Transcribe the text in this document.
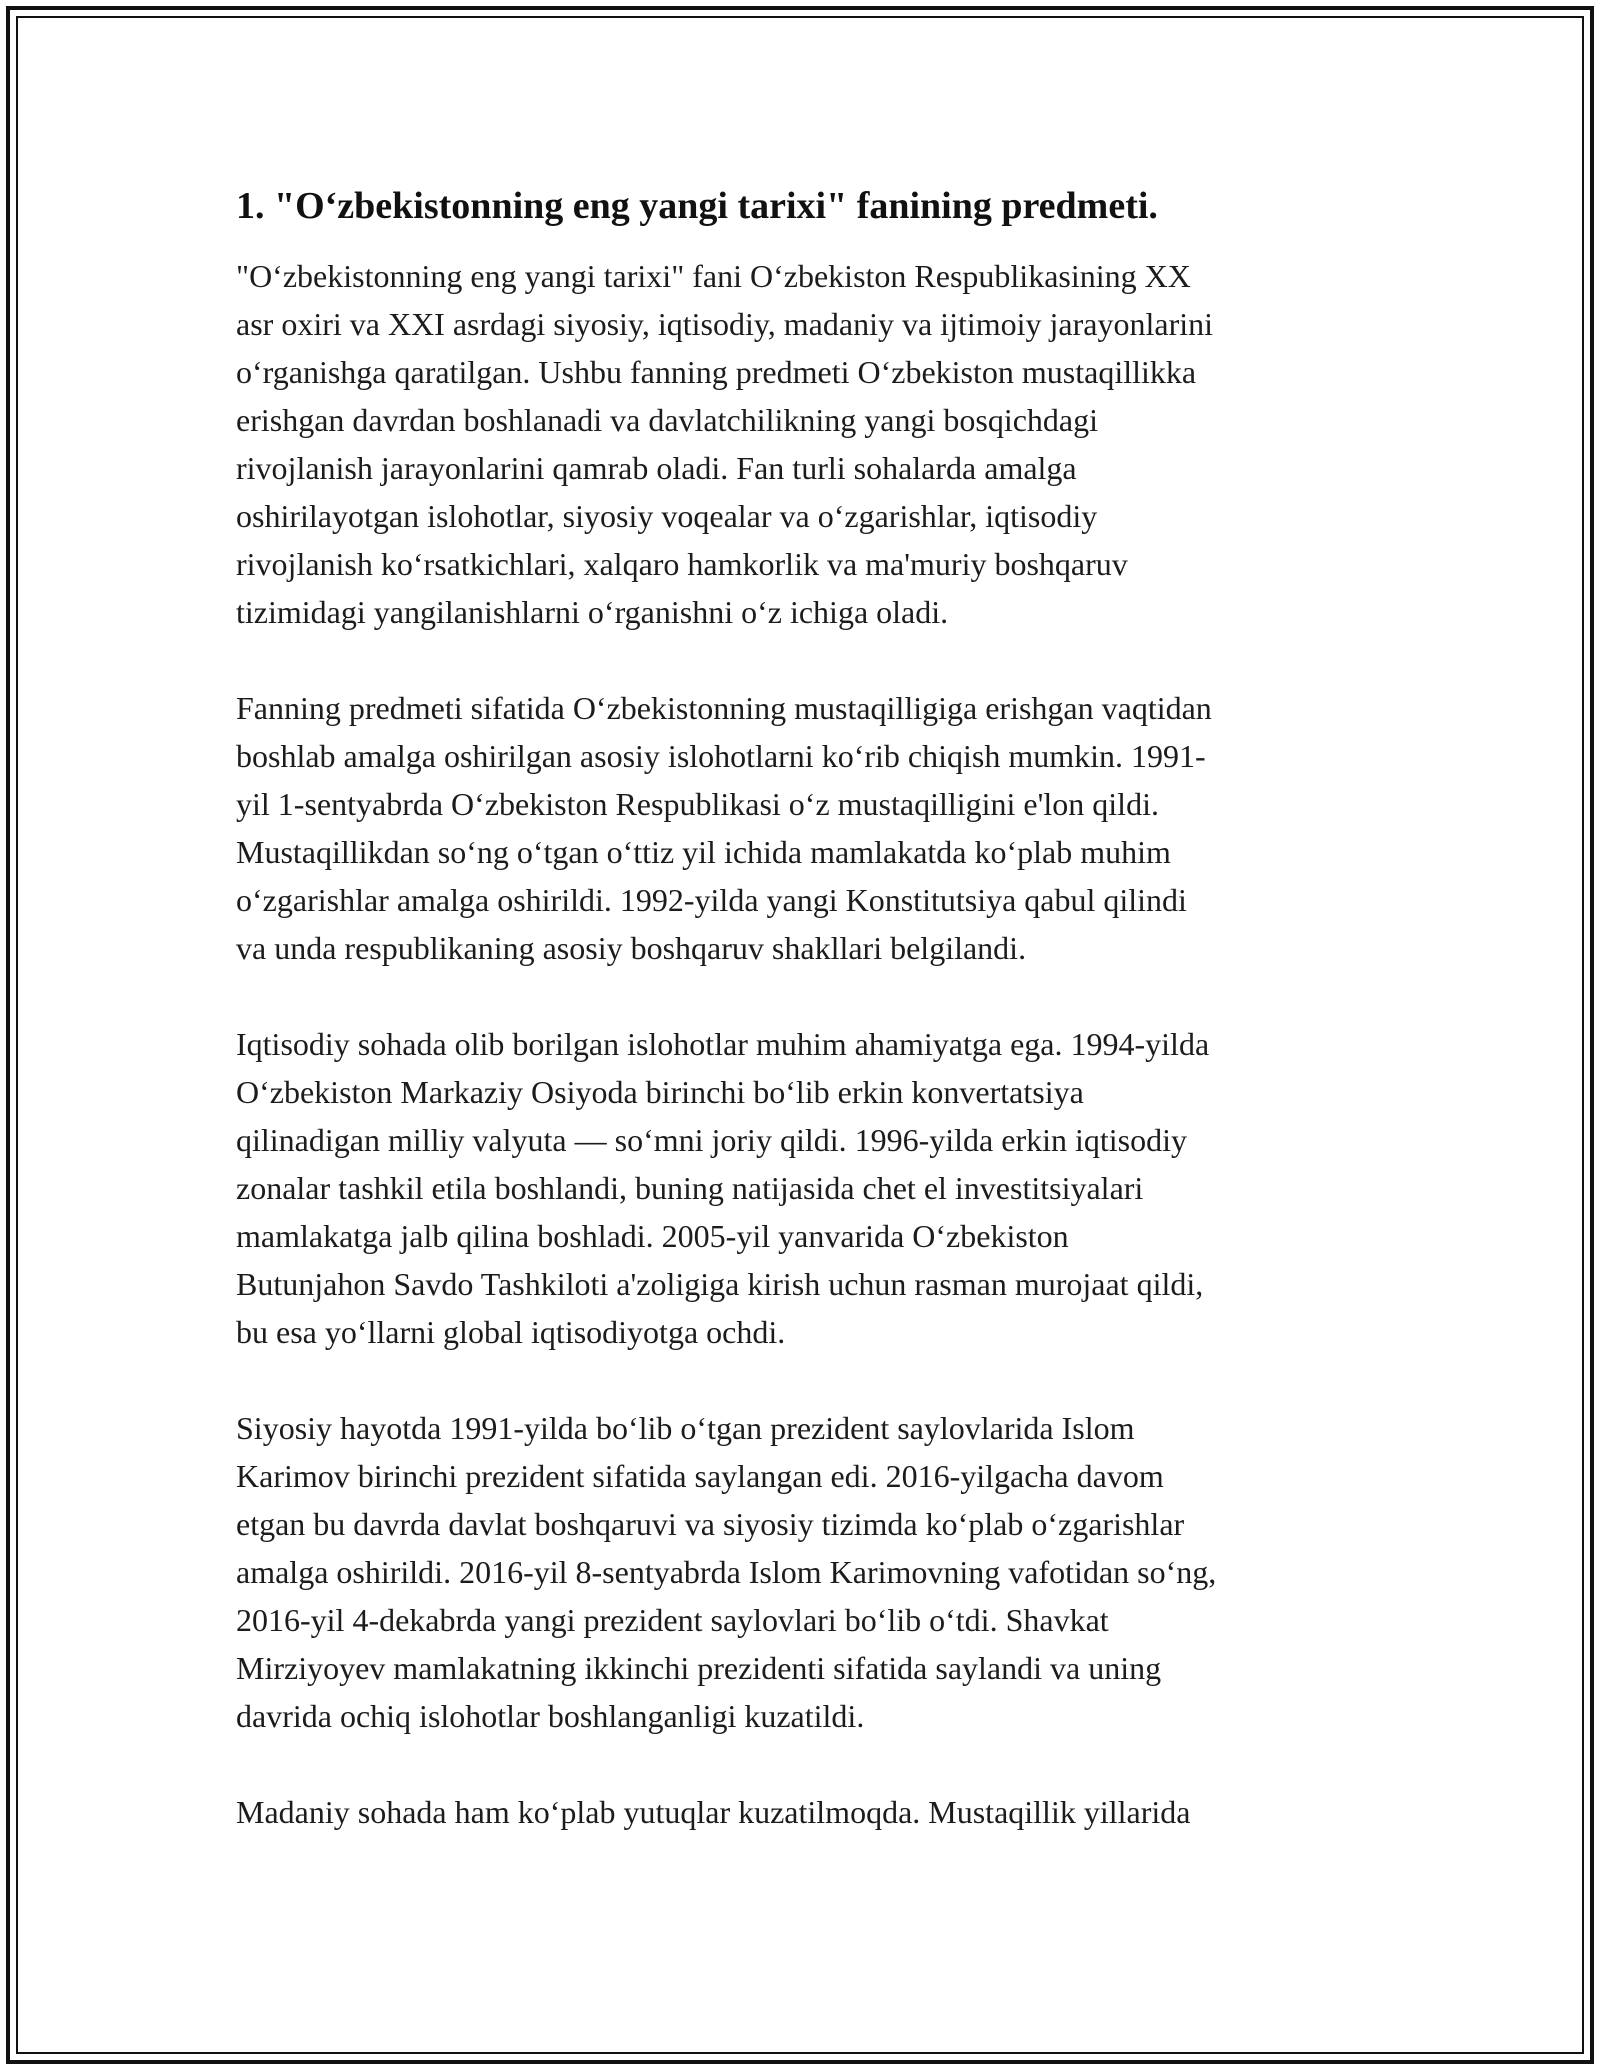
1. "O‘zbekistonning eng yangi tarixi" fanining predmeti.
"O‘zbekistonning eng yangi tarixi" fani O‘zbekiston Respublikasining XX
asr oxiri va XXI asrdagi siyosiy, iqtisodiy, madaniy va ijtimoiy jarayonlarini
o‘rganishga qaratilgan. Ushbu fanning predmeti O‘zbekiston mustaqillikka
erishgan davrdan boshlanadi va davlatchilikning yangi bosqichdagi
rivojlanish jarayonlarini qamrab oladi. Fan turli sohalarda amalga
oshirilayotgan islohotlar, siyosiy voqealar va o‘zgarishlar, iqtisodiy
rivojlanish ko‘rsatkichlari, xalqaro hamkorlik va ma'muriy boshqaruv
tizimidagi yangilanishlarni o‘rganishni o‘z ichiga oladi.
Fanning predmeti sifatida O‘zbekistonning mustaqilligiga erishgan vaqtidan
boshlab amalga oshirilgan asosiy islohotlarni ko‘rib chiqish mumkin. 1991-
yil 1-sentyabrda O‘zbekiston Respublikasi o‘z mustaqilligini e'lon qildi.
Mustaqillikdan so‘ng o‘tgan o‘ttiz yil ichida mamlakatda ko‘plab muhim
o‘zgarishlar amalga oshirildi. 1992-yilda yangi Konstitutsiya qabul qilindi
va unda respublikaning asosiy boshqaruv shakllari belgilandi.
Iqtisodiy sohada olib borilgan islohotlar muhim ahamiyatga ega. 1994-yilda
O‘zbekiston Markaziy Osiyoda birinchi bo‘lib erkin konvertatsiya
qilinadigan milliy valyuta — so‘mni joriy qildi. 1996-yilda erkin iqtisodiy
zonalar tashkil etila boshlandi, buning natijasida chet el investitsiyalari
mamlakatga jalb qilina boshladi. 2005-yil yanvarida O‘zbekiston
Butunjahon Savdo Tashkiloti a'zoligiga kirish uchun rasman murojaat qildi,
bu esa yo‘llarni global iqtisodiyotga ochdi.
Siyosiy hayotda 1991-yilda bo‘lib o‘tgan prezident saylovlarida Islom
Karimov birinchi prezident sifatida saylangan edi. 2016-yilgacha davom
etgan bu davrda davlat boshqaruvi va siyosiy tizimda ko‘plab o‘zgarishlar
amalga oshirildi. 2016-yil 8-sentyabrda Islom Karimovning vafotidan so‘ng,
2016-yil 4-dekabrda yangi prezident saylovlari bo‘lib o‘tdi. Shavkat
Mirziyoyev mamlakatning ikkinchi prezidenti sifatida saylandi va uning
davrida ochiq islohotlar boshlanganligi kuzatildi.
Madaniy sohada ham ko‘plab yutuqlar kuzatilmoqda. Mustaqillik yillarida
